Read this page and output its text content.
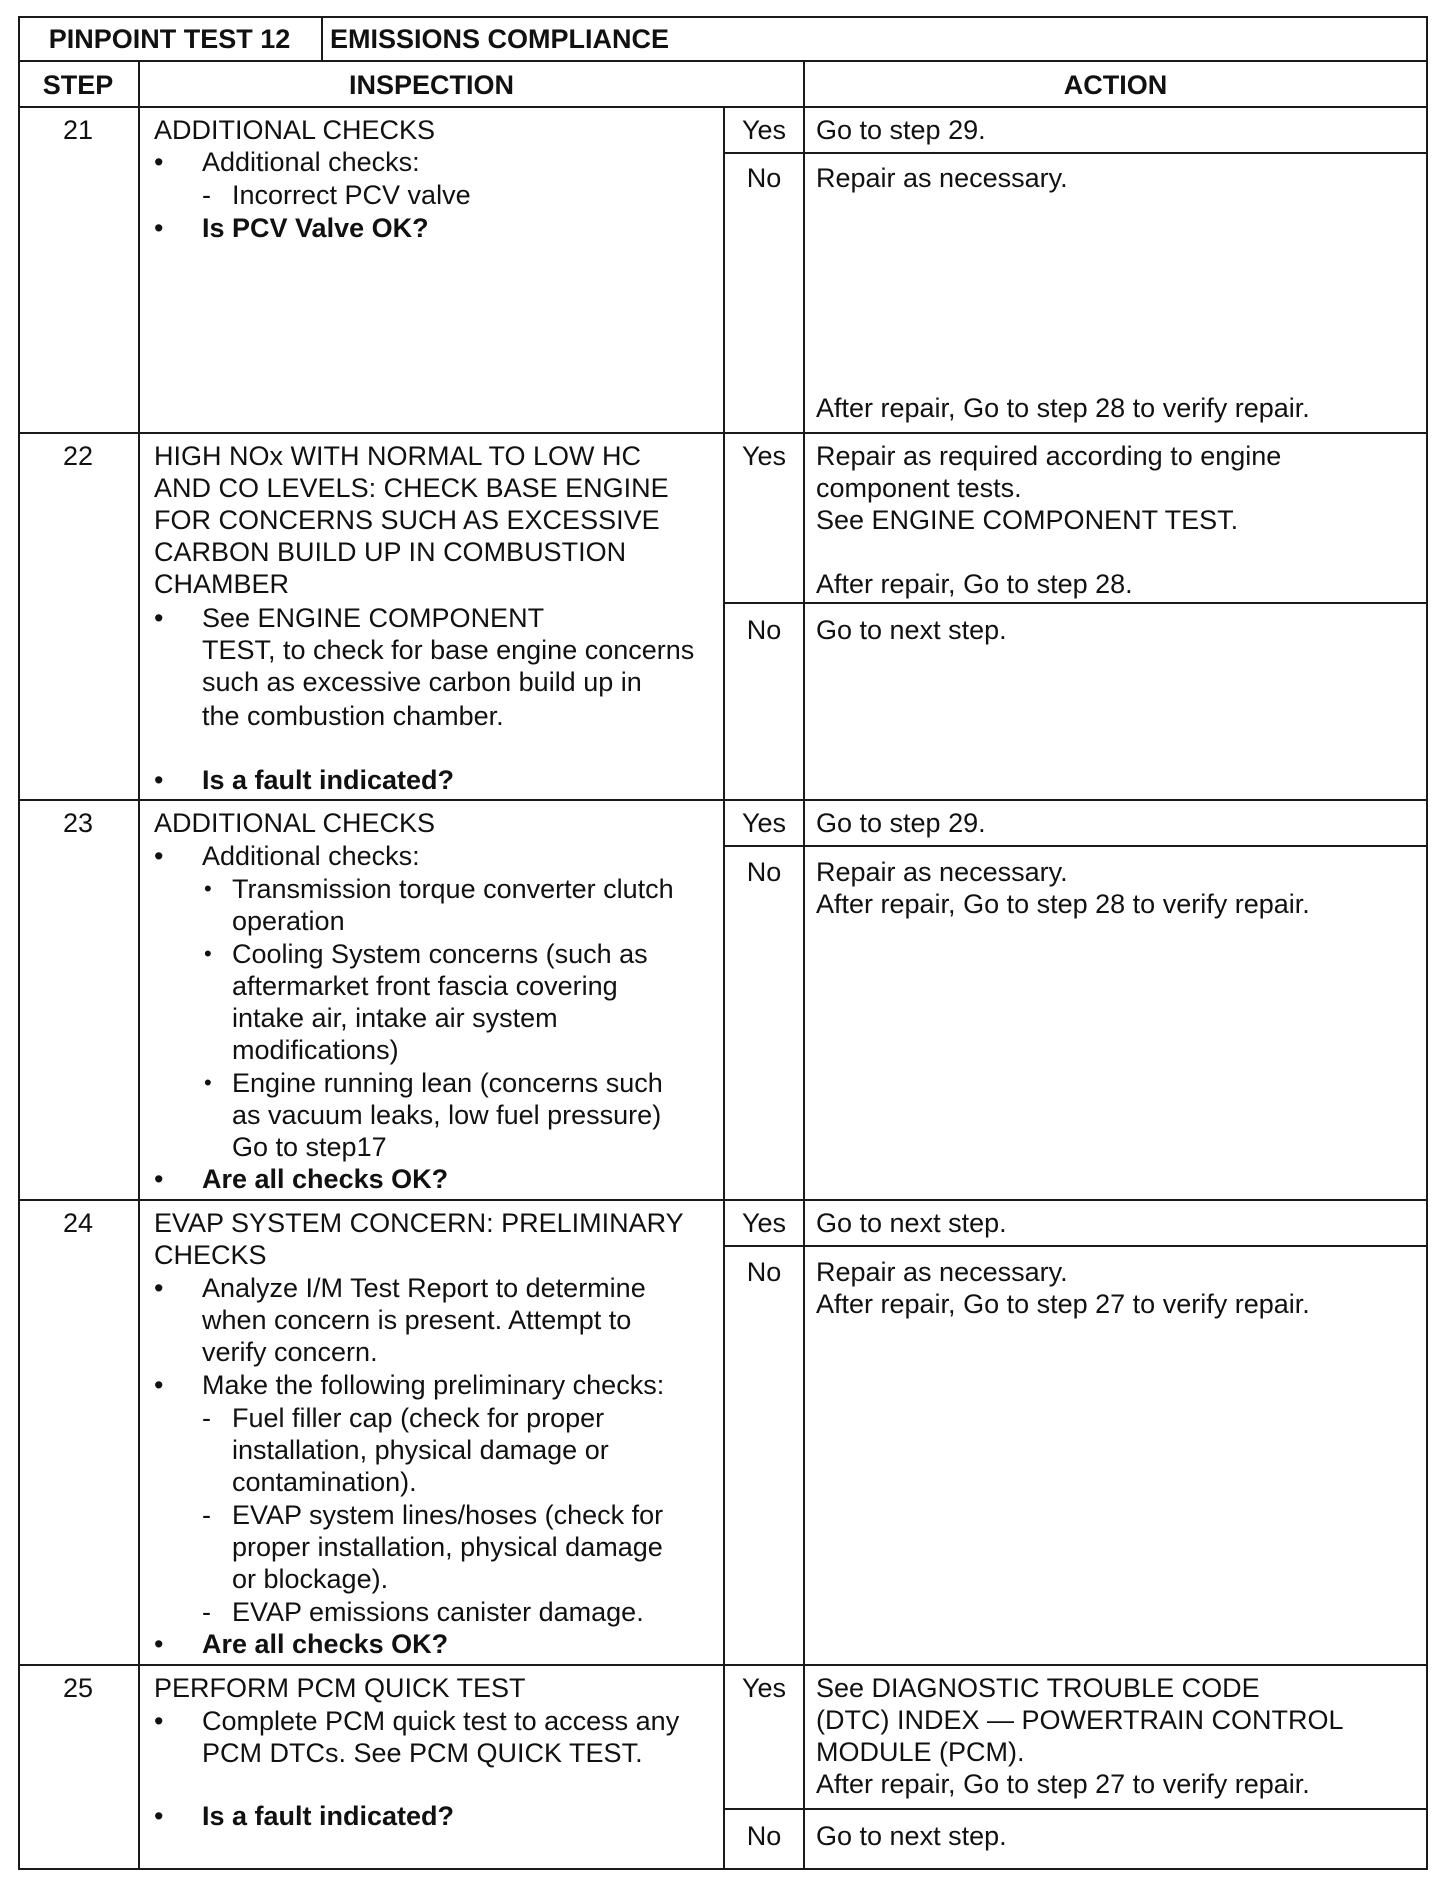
PINPOINT TEST 12	EMISSIONS COMPLIANCE
STEP	INSPECTION	ACTION
21	ADDITIONAL CHECKS
• Additional checks:
- Incorrect PCV valve
• Is PCV Valve OK?
Yes	Go to step 29.
No	Repair as necessary.
After repair, Go to step 28 to verify repair.
22	HIGH NOx WITH NORMAL TO LOW HC
AND CO LEVELS: CHECK BASE ENGINE
FOR CONCERNS SUCH AS EXCESSIVE
CARBON BUILD UP IN COMBUSTION
CHAMBER
• See ENGINE COMPONENT
TEST, to check for base engine concerns
such as excessive carbon build up in
the combustion chamber.
• Is a fault indicated?
Yes	Repair as required according to engine
component tests.
See ENGINE COMPONENT TEST.
After repair, Go to step 28.
No	Go to next step.
23	ADDITIONAL CHECKS
• Additional checks:
• Transmission torque converter clutch
operation
• Cooling System concerns (such as
aftermarket front fascia covering
intake air, intake air system
modifications)
• Engine running lean (concerns such
as vacuum leaks, low fuel pressure)
Go to step17
• Are all checks OK?
Yes	Go to step 29.
No	Repair as necessary.
After repair, Go to step 28 to verify repair.
24	EVAP SYSTEM CONCERN: PRELIMINARY
CHECKS
• Analyze I/M Test Report to determine
when concern is present. Attempt to
verify concern.
• Make the following preliminary checks:
- Fuel filler cap (check for proper
installation, physical damage or
contamination).
- EVAP system lines/hoses (check for
proper installation, physical damage
or blockage).
- EVAP emissions canister damage.
• Are all checks OK?
Yes	Go to next step.
No	Repair as necessary.
After repair, Go to step 27 to verify repair.
25	PERFORM PCM QUICK TEST
• Complete PCM quick test to access any
PCM DTCs. See PCM QUICK TEST.
• Is a fault indicated?
Yes	See DIAGNOSTIC TROUBLE CODE
(DTC) INDEX — POWERTRAIN CONTROL
MODULE (PCM).
After repair, Go to step 27 to verify repair.
No	Go to next step.
